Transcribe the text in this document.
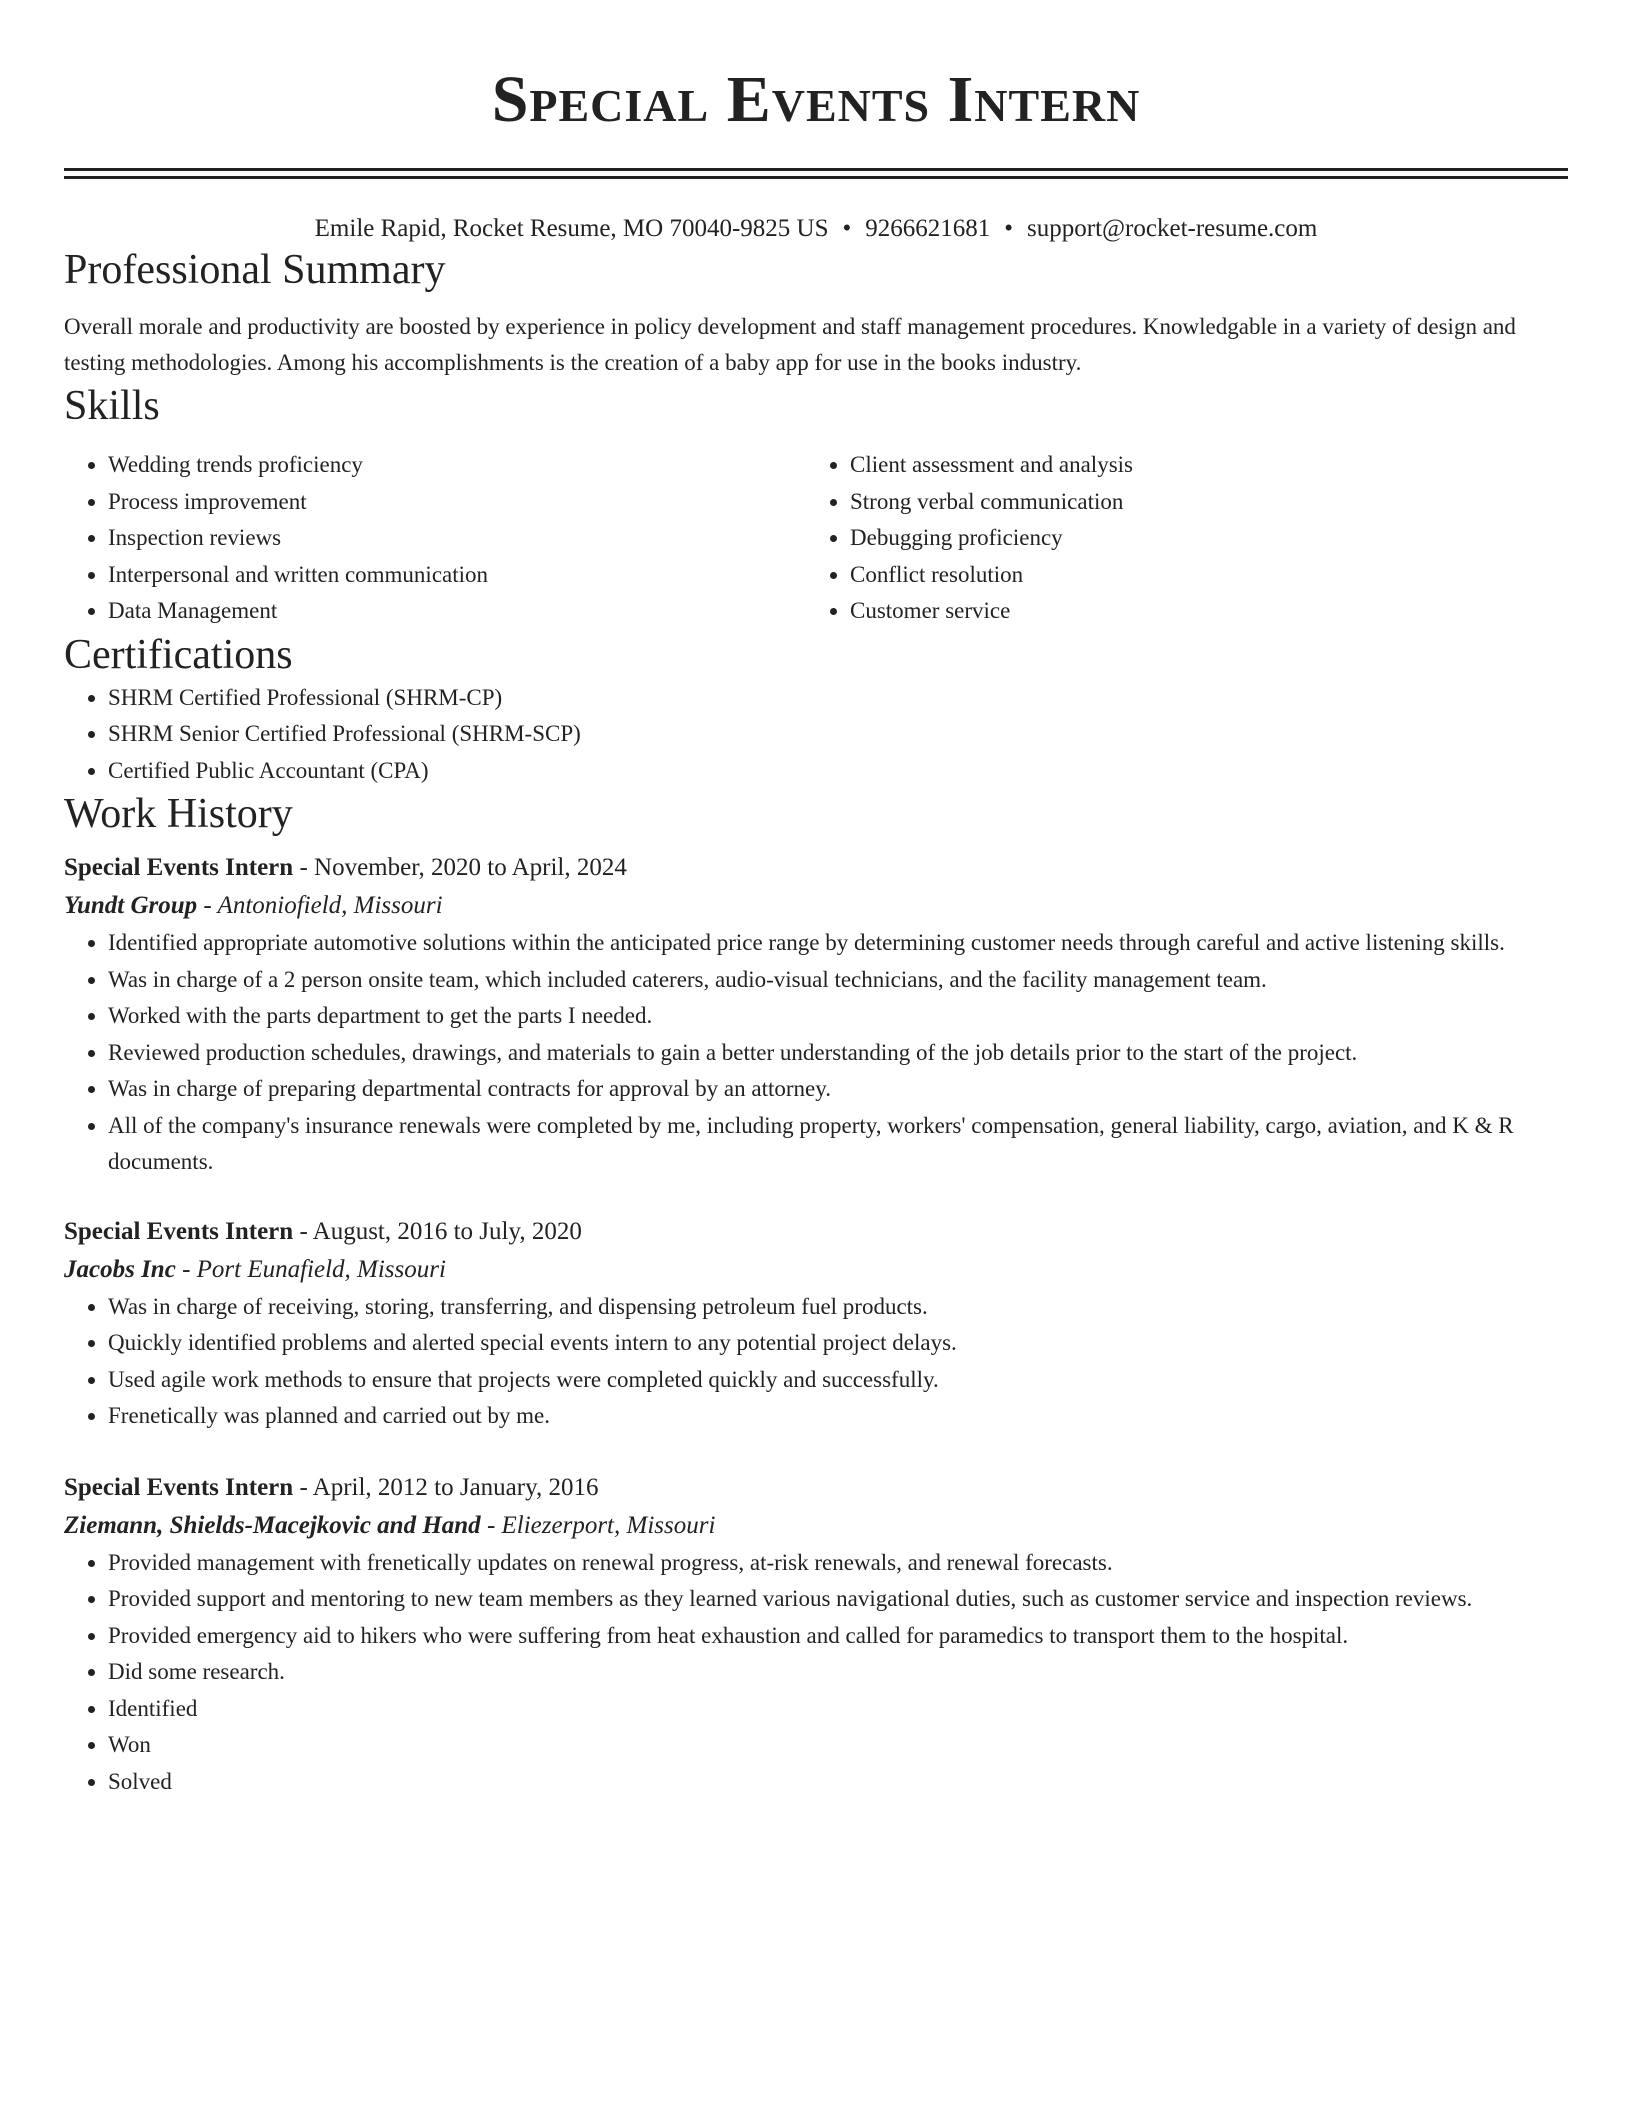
Special Events Intern
Emile Rapid, Rocket Resume, MO 70040-9825 US • 9266621681 • support@rocket-resume.com
Professional Summary
Overall morale and productivity are boosted by experience in policy development and staff management procedures. Knowledgable in a variety of design and testing methodologies. Among his accomplishments is the creation of a baby app for use in the books industry.
Skills
• Wedding trends proficiency
• Process improvement
• Inspection reviews
• Interpersonal and written communication
• Data Management
• Client assessment and analysis
• Strong verbal communication
• Debugging proficiency
• Conflict resolution
• Customer service
Certifications
• SHRM Certified Professional (SHRM-CP)
• SHRM Senior Certified Professional (SHRM-SCP)
• Certified Public Accountant (CPA)
Work History
Special Events Intern - November, 2020 to April, 2024
Yundt Group - Antoniofield, Missouri
• Identified appropriate automotive solutions within the anticipated price range by determining customer needs through careful and active listening skills.
• Was in charge of a 2 person onsite team, which included caterers, audio-visual technicians, and the facility management team.
• Worked with the parts department to get the parts I needed.
• Reviewed production schedules, drawings, and materials to gain a better understanding of the job details prior to the start of the project.
• Was in charge of preparing departmental contracts for approval by an attorney.
• All of the company's insurance renewals were completed by me, including property, workers' compensation, general liability, cargo, aviation, and K & R documents.
Special Events Intern - August, 2016 to July, 2020
Jacobs Inc - Port Eunafield, Missouri
• Was in charge of receiving, storing, transferring, and dispensing petroleum fuel products.
• Quickly identified problems and alerted special events intern to any potential project delays.
• Used agile work methods to ensure that projects were completed quickly and successfully.
• Frenetically was planned and carried out by me.
Special Events Intern - April, 2012 to January, 2016
Ziemann, Shields-Macejkovic and Hand - Eliezerport, Missouri
• Provided management with frenetically updates on renewal progress, at-risk renewals, and renewal forecasts.
• Provided support and mentoring to new team members as they learned various navigational duties, such as customer service and inspection reviews.
• Provided emergency aid to hikers who were suffering from heat exhaustion and called for paramedics to transport them to the hospital.
• Did some research.
• Identified
• Won
• Solved
